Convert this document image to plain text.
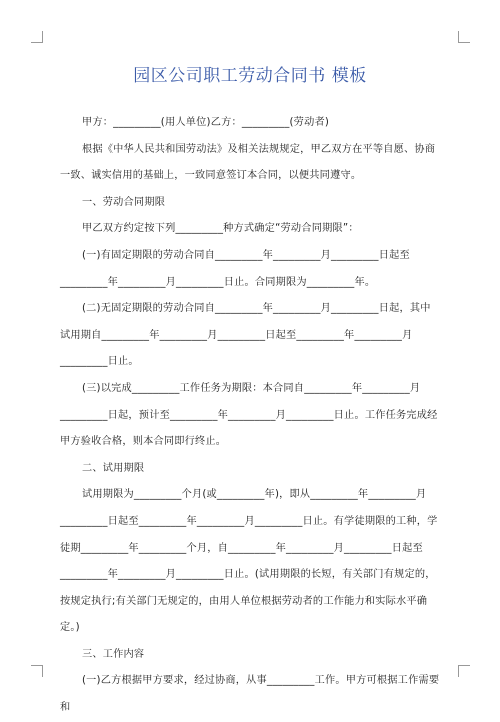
园区公司职工劳动合同书 模板

甲方：_________(用人单位)乙方：_________(劳动者)

根据《中华人民共和国劳动法》及相关法规规定，甲乙双方在平等自愿、协商一致、诚实信用的基础上，一致同意签订本合同，以便共同遵守。

一、劳动合同期限

甲乙双方约定按下列_________种方式确定“劳动合同期限”：

(一)有固定期限的劳动合同自_________年_________月_________日起至_________年_________月_________日止。合同期限为_________年。

(二)无固定期限的劳动合同自_________年_________月_________日起，其中试用期自_________年_________月_________日起至_________年_________月_________日止。

(三)以完成_________工作任务为期限：本合同自_________年_________月_________日起，预计至_________年_________月_________日止。工作任务完成经甲方验收合格，则本合同即行终止。

二、试用期限

试用期限为_________个月(或_________年)，即从_________年_________月_________日起至_________年_________月_________日止。有学徒期限的工种，学徒期_________年_________个月，自_________年_________月_________日起至_________年_________月_________日止。(试用期限的长短，有关部门有规定的，按规定执行;有关部门无规定的，由用人单位根据劳动者的工作能力和实际水平确定。)

三、工作内容

(一)乙方根据甲方要求，经过协商，从事_________工作。甲方可根据工作需要和
